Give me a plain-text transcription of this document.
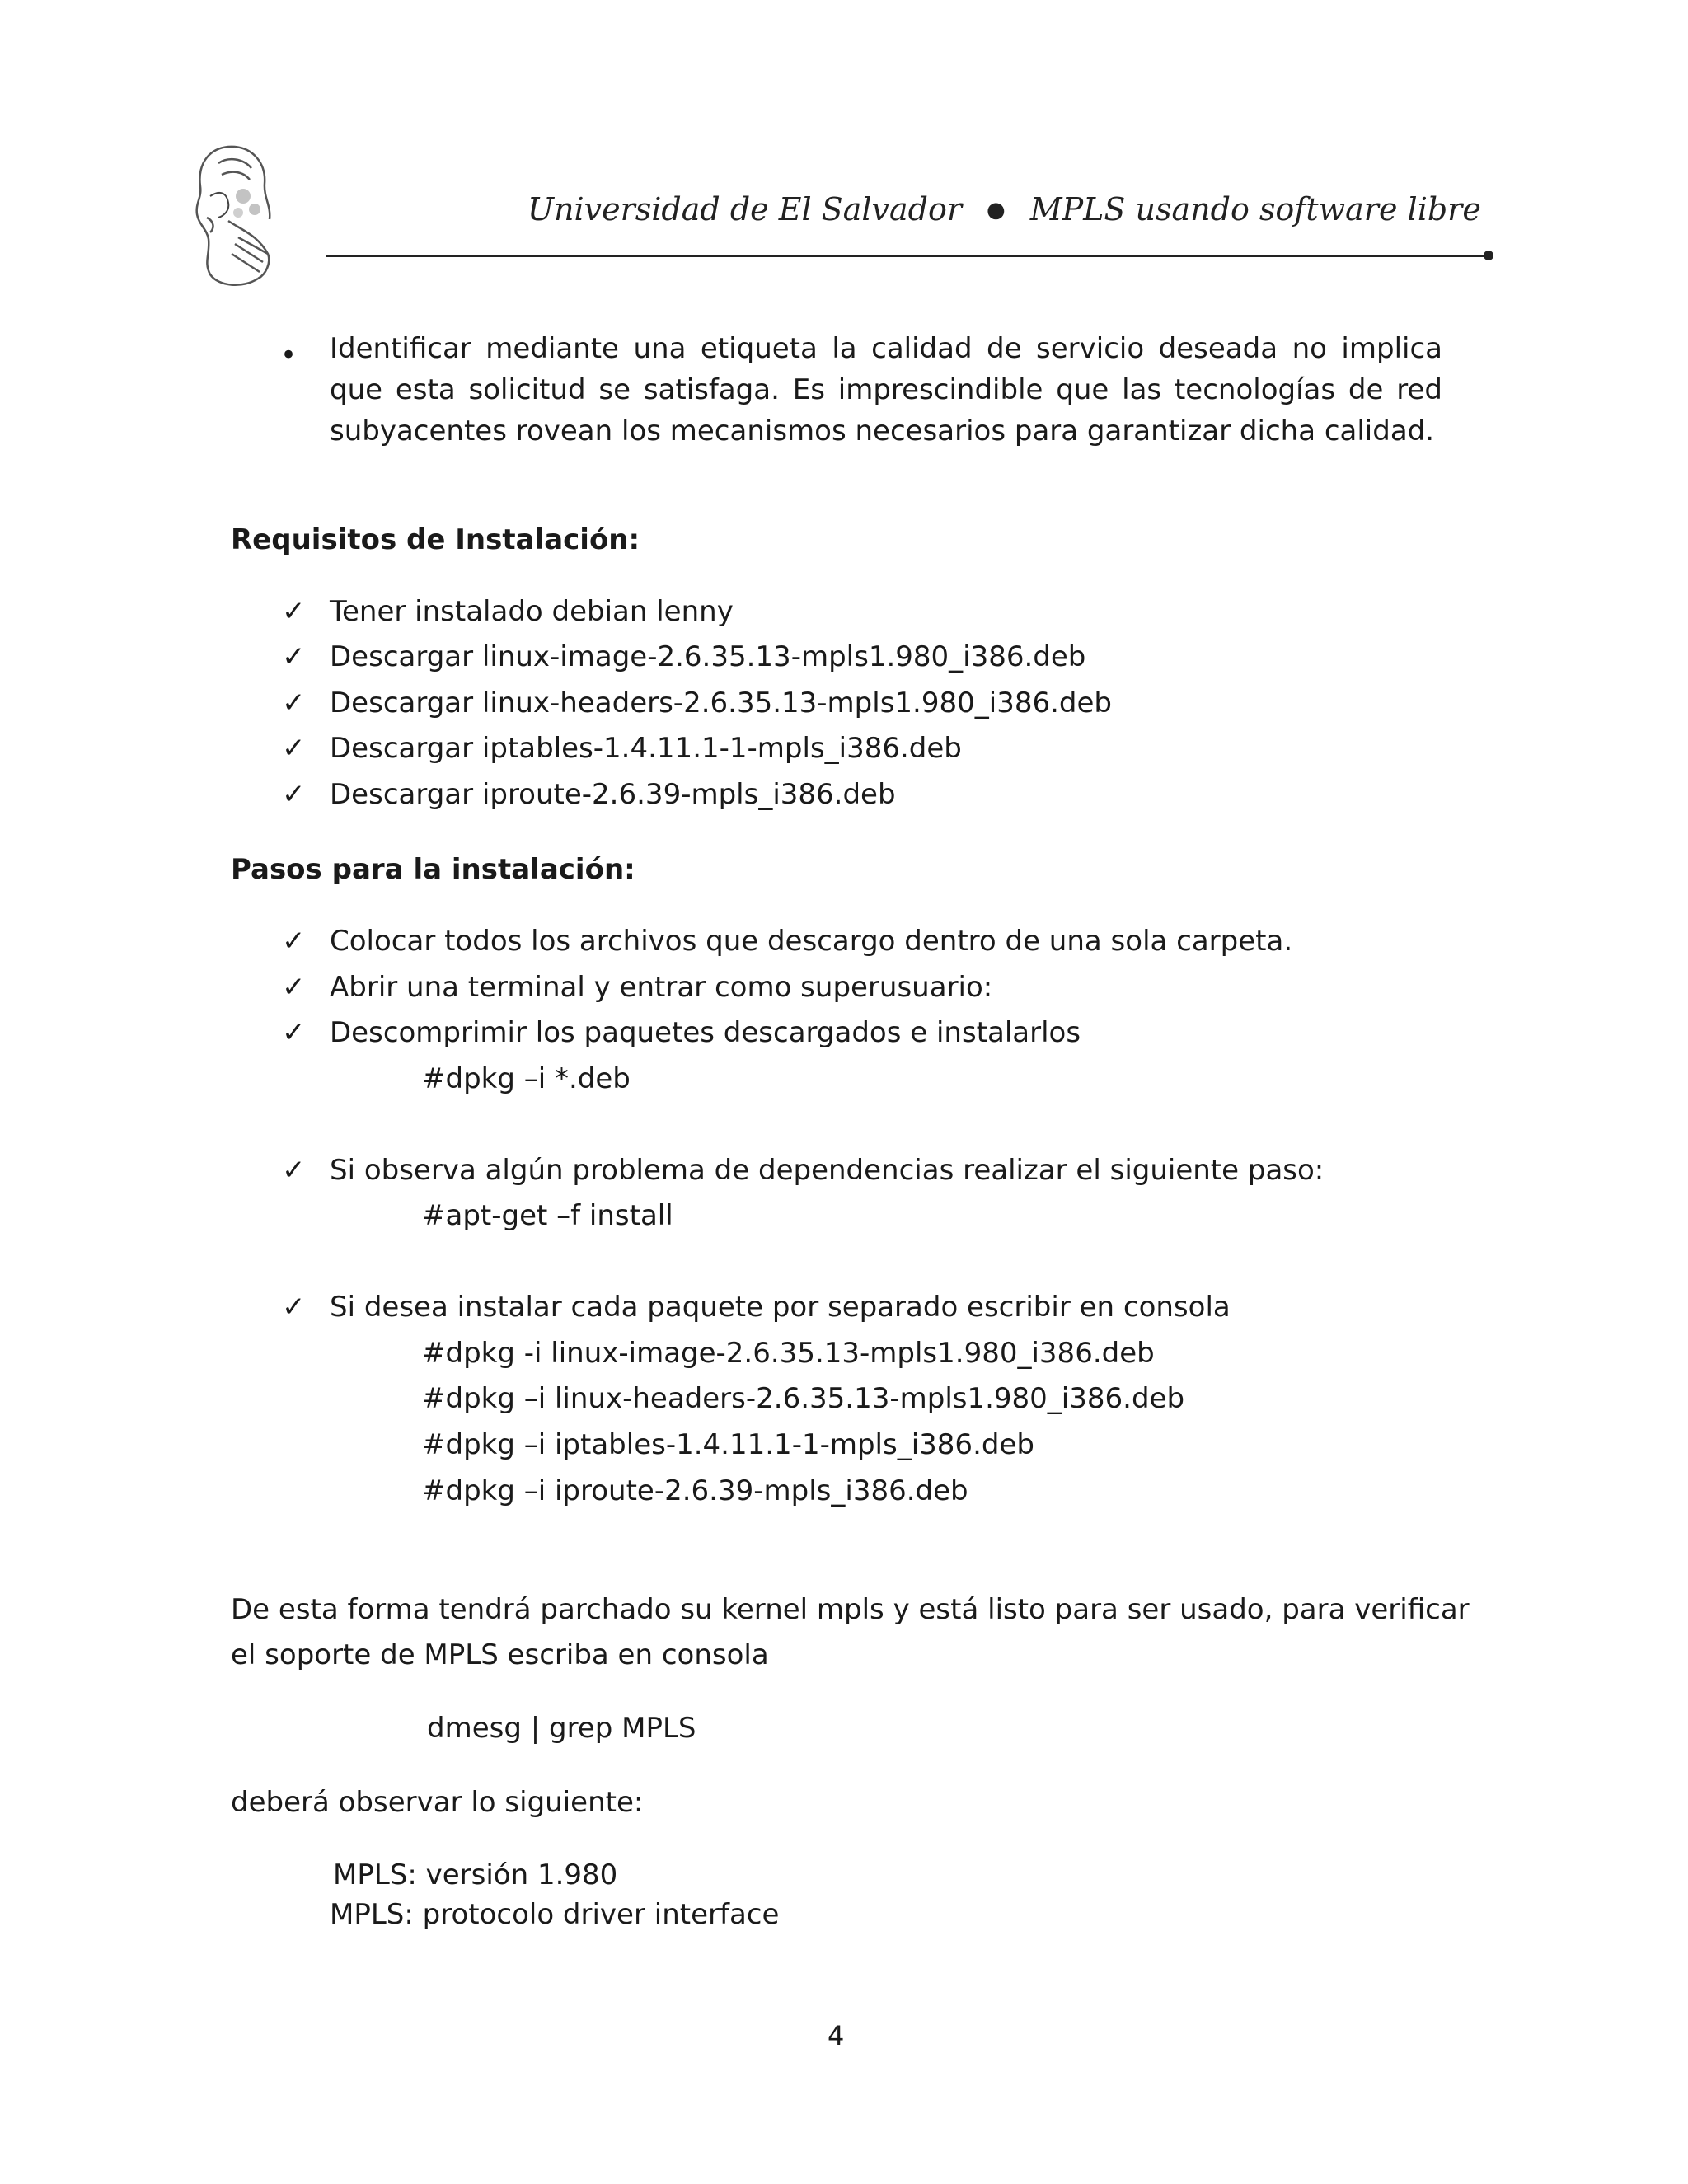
Universidad de El Salvador ● MPLS usando software libre
• Identificar mediante una etiqueta la calidad de servicio deseada no implica que esta solicitud se satisfaga. Es imprescindible que las tecnologías de red subyacentes rovean los mecanismos necesarios para garantizar dicha calidad.
Requisitos de Instalación:
✓ Tener instalado debian lenny
✓ Descargar linux-image-2.6.35.13-mpls1.980_i386.deb
✓ Descargar linux-headers-2.6.35.13-mpls1.980_i386.deb
✓ Descargar iptables-1.4.11.1-1-mpls_i386.deb
✓ Descargar iproute-2.6.39-mpls_i386.deb
Pasos para la instalación:
✓ Colocar todos los archivos que descargo dentro de una sola carpeta.
✓ Abrir una terminal y entrar como superusuario:
✓ Descomprimir los paquetes descargados e instalarlos
#dpkg –i *.deb
✓ Si observa algún problema de dependencias realizar el siguiente paso:
#apt-get –f install
✓ Si desea instalar cada paquete por separado escribir en consola
#dpkg -i linux-image-2.6.35.13-mpls1.980_i386.deb
#dpkg –i linux-headers-2.6.35.13-mpls1.980_i386.deb
#dpkg –i iptables-1.4.11.1-1-mpls_i386.deb
#dpkg –i iproute-2.6.39-mpls_i386.deb
De esta forma tendrá parchado su kernel mpls y está listo para ser usado, para verificar
el soporte de MPLS escriba en consola
dmesg | grep MPLS
deberá observar lo siguiente:
MPLS: versión 1.980
MPLS: protocolo driver interface
4
